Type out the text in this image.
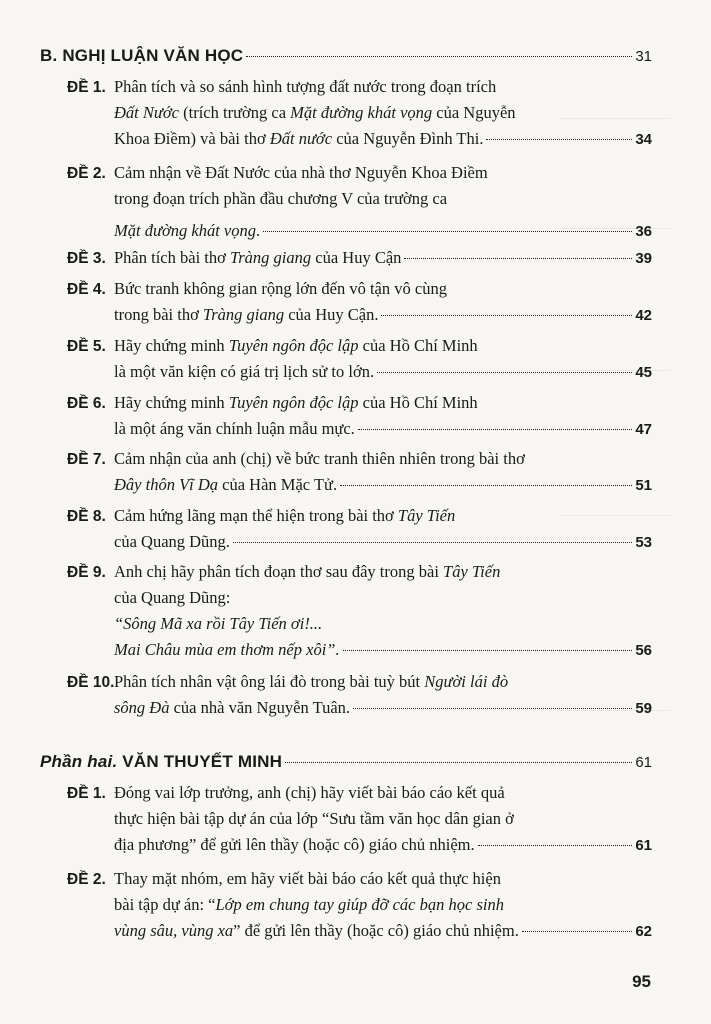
B. NGHỊ LUẬN VĂN HỌC	31
ĐỀ 1. Phân tích và so sánh hình tượng đất nước trong đoạn trích
Đất Nước (trích trường ca Mặt đường khát vọng của Nguyễn
Khoa Điềm) và bài thơ Đất nước của Nguyễn Đình Thi.	34
ĐỀ 2. Cảm nhận về Đất Nước của nhà thơ Nguyễn Khoa Điềm
trong đoạn trích phần đầu chương V của trường ca
Mặt đường khát vọng.	36
ĐỀ 3. Phân tích bài thơ Tràng giang của Huy Cận	39
ĐỀ 4. Bức tranh không gian rộng lớn đến vô tận vô cùng
trong bài thơ Tràng giang của Huy Cận.	42
ĐỀ 5. Hãy chứng minh Tuyên ngôn độc lập của Hồ Chí Minh
là một văn kiện có giá trị lịch sử to lớn.	45
ĐỀ 6. Hãy chứng minh Tuyên ngôn độc lập của Hồ Chí Minh
là một áng văn chính luận mẫu mực.	47
ĐỀ 7. Cảm nhận của anh (chị) về bức tranh thiên nhiên trong bài thơ
Đây thôn Vĩ Dạ của Hàn Mặc Tử.	51
ĐỀ 8. Cảm hứng lãng mạn thể hiện trong bài thơ Tây Tiến
của Quang Dũng.	53
ĐỀ 9. Anh chị hãy phân tích đoạn thơ sau đây trong bài Tây Tiến
của Quang Dũng:
“Sông Mã xa rồi Tây Tiến ơi!...
Mai Châu mùa em thơm nếp xôi”.	56
ĐỀ 10. Phân tích nhân vật ông lái đò trong bài tuỳ bút Người lái đò
sông Đà của nhà văn Nguyễn Tuân.	59
Phần hai. VĂN THUYẾT MINH	61
ĐỀ 1. Đóng vai lớp trưởng, anh (chị) hãy viết bài báo cáo kết quả
thực hiện bài tập dự án của lớp “Sưu tầm văn học dân gian ở
địa phương” để gửi lên thầy (hoặc cô) giáo chủ nhiệm.	61
ĐỀ 2. Thay mặt nhóm, em hãy viết bài báo cáo kết quả thực hiện
bài tập dự án: “Lớp em chung tay giúp đỡ các bạn học sinh
vùng sâu, vùng xa” để gửi lên thầy (hoặc cô) giáo chủ nhiệm.	62
95
